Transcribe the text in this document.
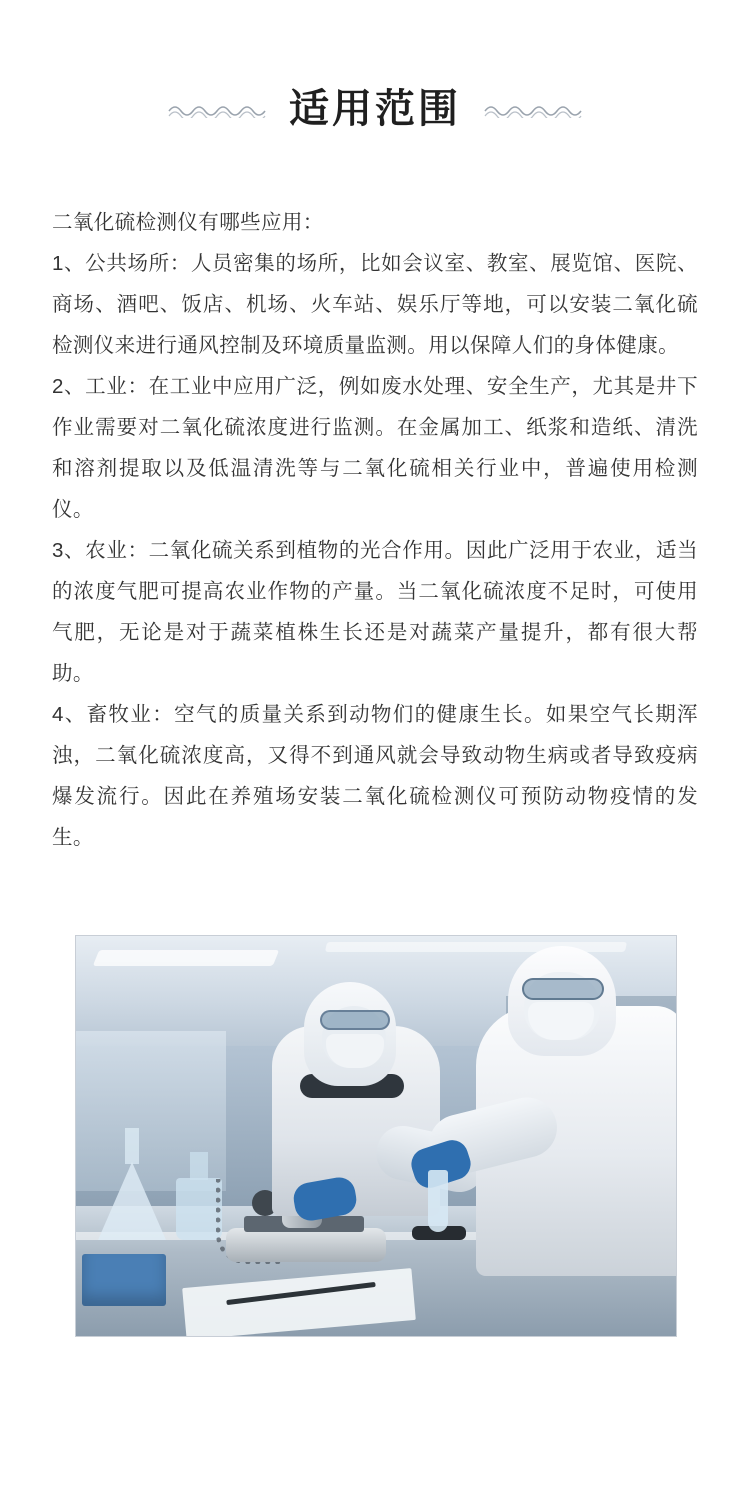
适用范围

二氧化硫检测仪有哪些应用：

1、公共场所：人员密集的场所，比如会议室、教室、展览馆、医院、商场、酒吧、饭店、机场、火车站、娱乐厅等地，可以安装二氧化硫检测仪来进行通风控制及环境质量监测。用以保障人们的身体健康。

2、工业：在工业中应用广泛，例如废水处理、安全生产，尤其是井下作业需要对二氧化硫浓度进行监测。在金属加工、纸浆和造纸、清洗和溶剂提取以及低温清洗等与二氧化硫相关行业中，普遍使用检测仪。

3、农业：二氧化硫关系到植物的光合作用。因此广泛用于农业，适当的浓度气肥可提高农业作物的产量。当二氧化硫浓度不足时，可使用气肥，无论是对于蔬菜植株生长还是对蔬菜产量提升，都有很大帮助。

4、畜牧业：空气的质量关系到动物们的健康生长。如果空气长期浑浊，二氧化硫浓度高，又得不到通风就会导致动物生病或者导致疫病爆发流行。因此在养殖场安装二氧化硫检测仪可预防动物疫情的发生。
